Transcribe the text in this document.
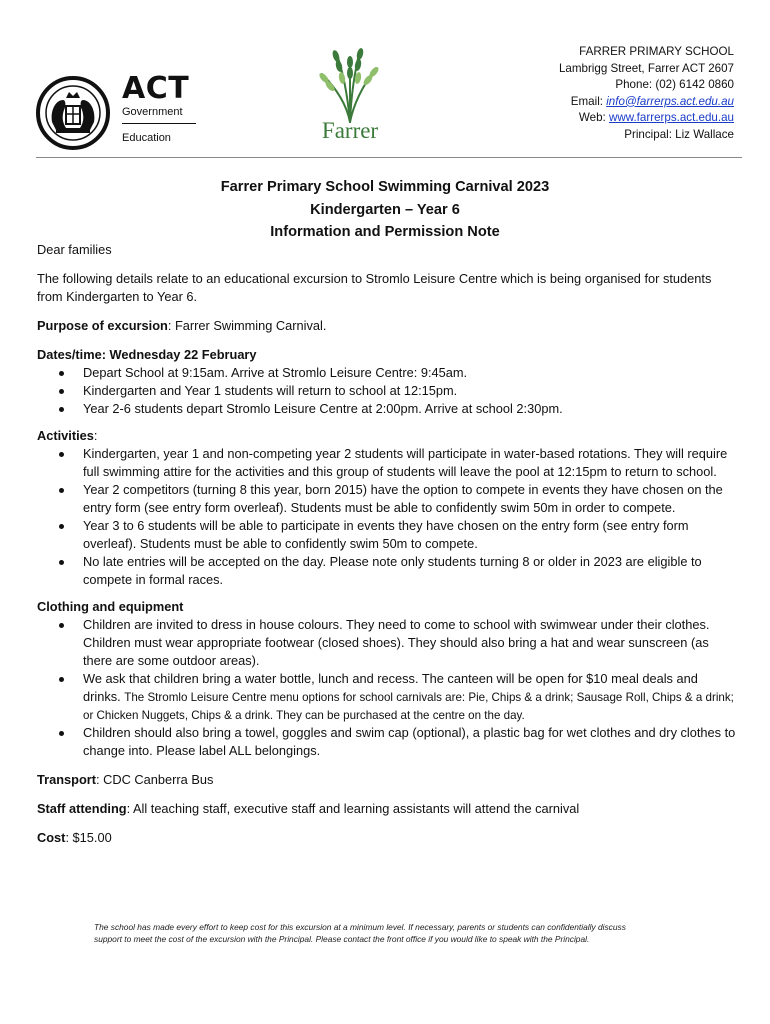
ACT
Government
Education	Farrer
FARRER PRIMARY SCHOOL
Lambrigg Street, Farrer ACT 2607
Phone: (02) 6142 0860
Email: info@farrerps.act.edu.au
Web: www.farrerps.act.edu.au
Principal: Liz Wallace
Farrer Primary School Swimming Carnival 2023
Kindergarten – Year 6
Information and Permission Note

Dear families

The following details relate to an educational excursion to Stromlo Leisure Centre which is being organised for students from Kindergarten to Year 6.

Purpose of excursion: Farrer Swimming Carnival.

Dates/time: Wednesday 22 February

Depart School at 9:15am. Arrive at Stromlo Leisure Centre: 9:45am.
Kindergarten and Year 1 students will return to school at 12:15pm.
Year 2-6 students depart Stromlo Leisure Centre at 2:00pm. Arrive at school 2:30pm.

Activities:

Kindergarten, year 1 and non-competing year 2 students will participate in water-based rotations. They will require full swimming attire for the activities and this group of students will leave the pool at 12:15pm to return to school.
Year 2 competitors (turning 8 this year, born 2015) have the option to compete in events they have chosen on the entry form (see entry form overleaf). Students must be able to confidently swim 50m in order to compete.
Year 3 to 6 students will be able to participate in events they have chosen on the entry form (see entry form overleaf). Students must be able to confidently swim 50m to compete.
No late entries will be accepted on the day. Please note only students turning 8 or older in 2023 are eligible to compete in formal races.

Clothing and equipment

Children are invited to dress in house colours. They need to come to school with swimwear under their clothes. Children must wear appropriate footwear (closed shoes). They should also bring a hat and wear sunscreen (as there are some outdoor areas).
We ask that children bring a water bottle, lunch and recess. The canteen will be open for $10 meal deals and drinks. The Stromlo Leisure Centre menu options for school carnivals are: Pie, Chips & a drink; Sausage Roll, Chips & a drink; or Chicken Nuggets, Chips & a drink. They can be purchased at the centre on the day.
Children should also bring a towel, goggles and swim cap (optional), a plastic bag for wet clothes and dry clothes to change into. Please label ALL belongings.

Transport: CDC Canberra Bus

Staff attending: All teaching staff, executive staff and learning assistants will attend the carnival

Cost: $15.00

The school has made every effort to keep cost for this excursion at a minimum level. If necessary, parents or students can confidentially discuss support to meet the cost of the excursion with the Principal. Please contact the front office if you would like to speak with the Principal.
